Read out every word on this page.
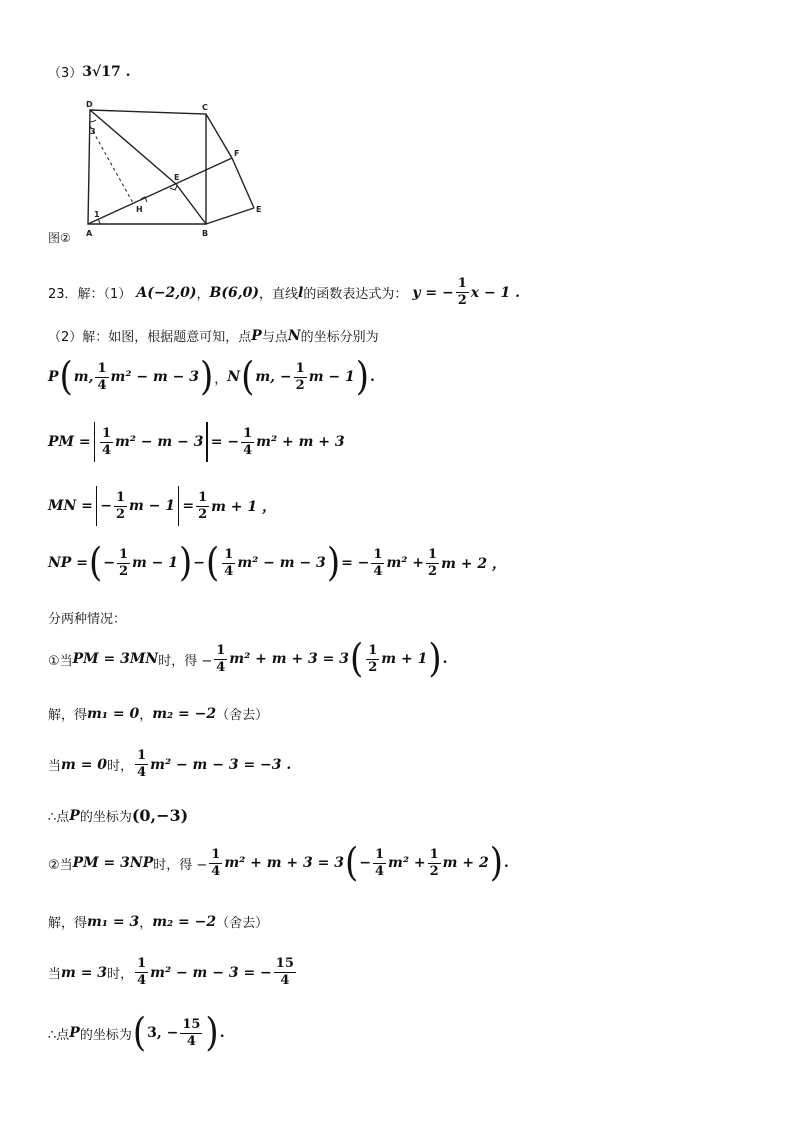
（3） 3√17 .
D	C
F
E
E
H
A	B
1
3
图②
23．解：（1） A(−2,0) ， B(6,0) ，直线 l 的函数表达式为： y = − $\frac{1}{2}$ x − 1 .
（2）解：如图，根据题意可知，点 P 与点 N 的坐标分别为
P ( m, $\frac{1}{4} m^2 - m - 3$ ) ， N ( m, − $\frac{1}{2}$ m − 1 ) .
PM = $\frac{1}{4} m^2 - m - 3$ = − $\frac{1}{4} m^2 + m + 3$
MN = − $\frac{1}{2}$ $m - 1 = \frac{1}{2}$ m + 1 ，
NP = ( − $\frac{1}{2}$ m − 1 ) − ( $\frac{1}{4} m^2 - m - 3$ ) = − $\frac{1}{4} m^2 + \frac{1}{2}$ m + 2 ，
分两种情况：
①当 PM = 3MN 时，得 − $\frac{1}{4} m^2 + m + 3 = 3$ ( $\frac{1}{2}$ m + 1 ) .
解，得 m₁ = 0 ， m₂ = −2 （舍去）
当 m = 0 时， $\frac{1}{4} m^2 - m - 3 = -3$ .
∴点 P 的坐标为 (0,−3)
②当 PM = 3NP 时，得 − $\frac{1}{4} m^2 + m + 3 = 3$ ( − $\frac{1}{4} m^2 + \frac{1}{2}$ m + 2 ) .
解，得 m₁ = 3 ， m₂ = −2 （舍去）
当 m = 3 时， $\frac{1}{4} m^2 - m - 3$ = − $\frac{15}{4}$
∴点 P 的坐标为 ( 3, − $\frac{15}{4}$ ) .
